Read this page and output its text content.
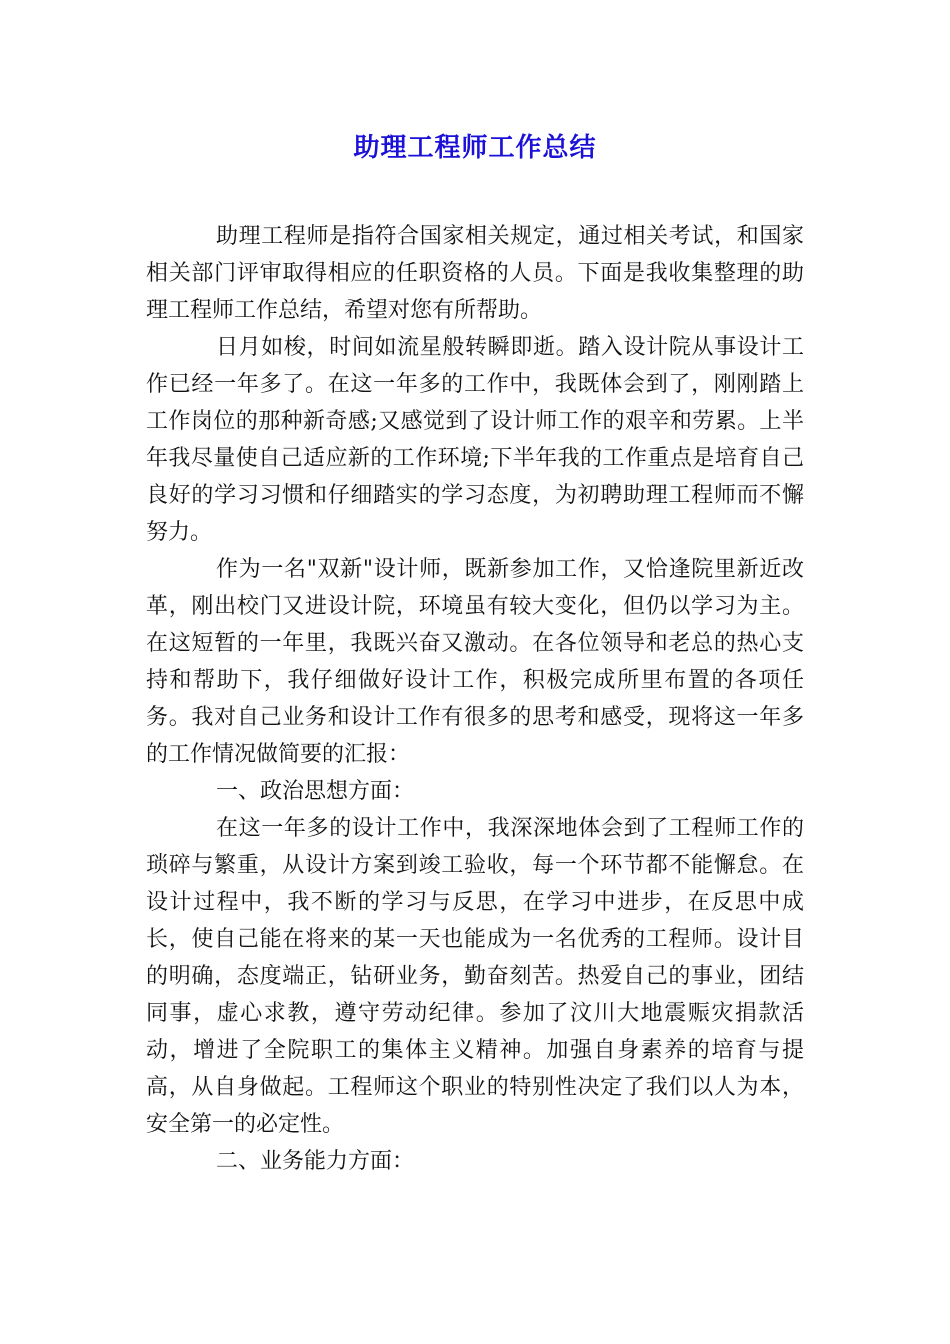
助理工程师工作总结

助理工程师是指符合国家相关规定，通过相关考试，和国家相关部门评审取得相应的任职资格的人员。下面是我收集整理的助理工程师工作总结，希望对您有所帮助。

日月如梭，时间如流星般转瞬即逝。踏入设计院从事设计工作已经一年多了。在这一年多的工作中，我既体会到了，刚刚踏上工作岗位的那种新奇感;又感觉到了设计师工作的艰辛和劳累。上半年我尽量使自己适应新的工作环境;下半年我的工作重点是培育自己良好的学习习惯和仔细踏实的学习态度，为初聘助理工程师而不懈努力。

作为一名"双新"设计师，既新参加工作，又恰逢院里新近改革，刚出校门又进设计院，环境虽有较大变化，但仍以学习为主。在这短暂的一年里，我既兴奋又激动。在各位领导和老总的热心支持和帮助下，我仔细做好设计工作，积极完成所里布置的各项任务。我对自己业务和设计工作有很多的思考和感受，现将这一年多的工作情况做简要的汇报：

一、政治思想方面：

在这一年多的设计工作中，我深深地体会到了工程师工作的琐碎与繁重，从设计方案到竣工验收，每一个环节都不能懈怠。在设计过程中，我不断的学习与反思，在学习中进步，在反思中成长，使自己能在将来的某一天也能成为一名优秀的工程师。设计目的明确，态度端正，钻研业务，勤奋刻苦。热爱自己的事业，团结同事，虚心求教，遵守劳动纪律。参加了汶川大地震赈灾捐款活动，增进了全院职工的集体主义精神。加强自身素养的培育与提高，从自身做起。工程师这个职业的特别性决定了我们以人为本，安全第一的必定性。

二、业务能力方面：
